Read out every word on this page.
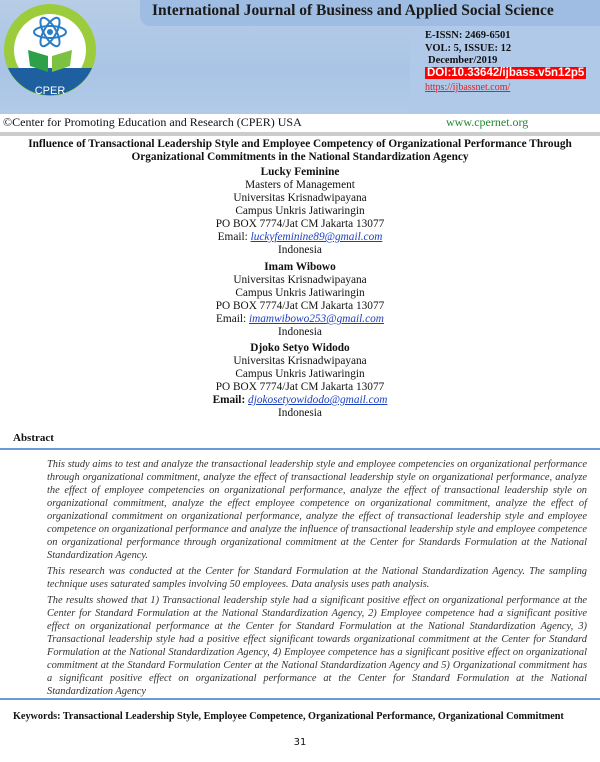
CPER
International Journal of Business and Applied Social Science
E-ISSN: 2469-6501
VOL: 5, ISSUE: 12
December/2019
DOI:10.33642/ijbass.v5n12p5
https://ijbassnet.com/
©Center for Promoting Education and Research (CPER) USA	www.cpernet.org
Influence of Transactional Leadership Style and Employee Competency of Organizational Performance Through
Organizational Commitments in the National Standardization Agency
Lucky Feminine
Masters of Management
Universitas Krisnadwipayana
Campus Unkris Jatiwaringin
PO BOX 7774/Jat CM Jakarta 13077
Email: luckyfeminine89@gmail.com
Indonesia
Imam Wibowo
Universitas Krisnadwipayana
Campus Unkris Jatiwaringin
PO BOX 7774/Jat CM Jakarta 13077
Email: imamwibowo253@gmail.com
Indonesia
Djoko Setyo Widodo
Universitas Krisnadwipayana
Campus Unkris Jatiwaringin
PO BOX 7774/Jat CM Jakarta 13077
Email: djokosetyowidodo@gmail.com
Indonesia
Abstract

This study aims to test and analyze the transactional leadership style and employee competencies on organizational performance through organizational commitment, analyze the effect of transactional leadership style on organizational performance, analyze the effect of employee competencies on organizational performance, analyze the effect of transactional leadership style on organizational commitment, analyze the effect employee competence on organizational commitment, analyze the effect of organizational commitment on organizational performance, analyze the effect of transactional leadership style and employee competence on organizational performance and analyze the influence of transactional leadership style and employee competence on organizational performance through organizational commitment at the Center for Standards Formulation at the National Standardization Agency.

This research was conducted at the Center for Standard Formulation at the National Standardization Agency. The sampling technique uses saturated samples involving 50 employees. Data analysis uses path analysis.

The results showed that 1) Transactional leadership style had a significant positive effect on organizational performance at the Center for Standard Formulation at the National Standardization Agency, 2) Employee competence had a significant positive effect on organizational performance at the Center for Standard Formulation at the National Standardization Agency, 3) Transactional leadership style had a positive effect significant towards organizational commitment at the Center for Standard Formulation at the National Standardization Agency, 4) Employee competence has a significant positive effect on organizational commitment at the Standard Formulation Center at the National Standardization Agency and 5) Organizational commitment has a significant positive effect on organizational performance at the Center for Standard Formulation at the National Standardization Agency

Keywords: Transactional Leadership Style, Employee Competence, Organizational Performance, Organizational Commitment
31
